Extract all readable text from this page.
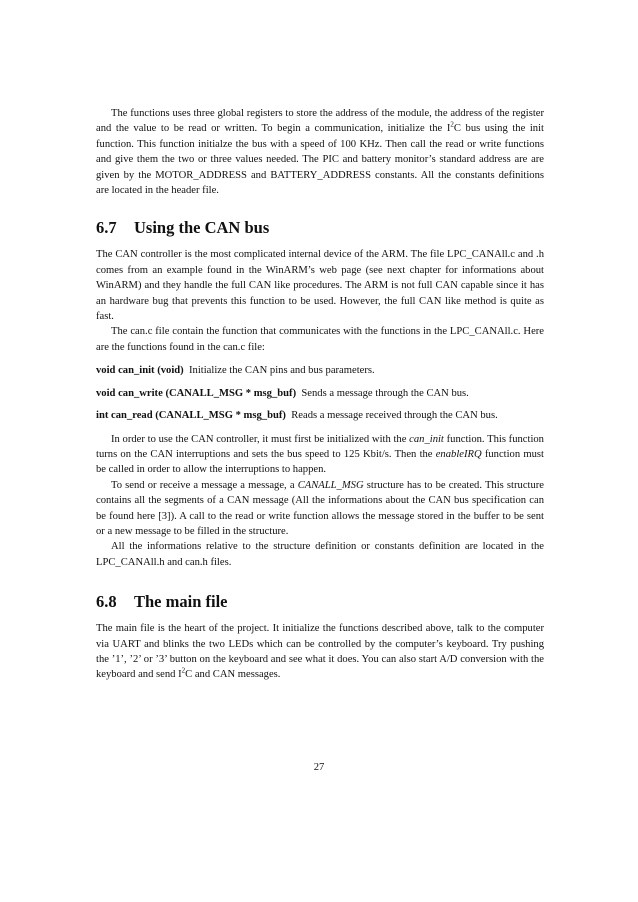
The functions uses three global registers to store the address of the module, the address of the register and the value to be read or written. To begin a communication, initialize the $I^2C$ bus using the init function. This function initialze the bus with a speed of 100 KHz. Then call the read or write functions and give them the two or three values needed. The PIC and battery monitor’s standard address are are given by the MOTOR_ADDRESS and BATTERY_ADDRESS constants. All the constants definitions are located in the header file.

6.7 Using the CAN bus

The CAN controller is the most complicated internal device of the ARM. The file LPC_CANAll.c and .h comes from an example found in the WinARM’s web page (see next chapter for informations about WinARM) and they handle the full CAN like procedures. The ARM is not full CAN capable since it has an hardware bug that prevents this function to be used. However, the full CAN like method is quite as fast.

The can.c file contain the function that communicates with the functions in the LPC_CANAll.c. Here are the functions found in the can.c file:

void can_init (void) Initialize the CAN pins and bus parameters.
void can_write (CANALL_MSG * msg_buf) Sends a message through the CAN bus.
int can_read (CANALL_MSG * msg_buf) Reads a message received through the CAN bus.

In order to use the CAN controller, it must first be initialized with the can_init function. This function turns on the CAN interruptions and sets the bus speed to 125 Kbit/s. Then the enableIRQ function must be called in order to allow the interruptions to happen.

To send or receive a message a message, a CANALL_MSG structure has to be created. This structure contains all the segments of a CAN message (All the informations about the CAN bus specification can be found here [3]). A call to the read or write function allows the message stored in the buffer to be sent or a new message to be filled in the structure.

All the informations relative to the structure definition or constants definition are located in the LPC_CANAll.h and can.h files.

6.8 The main file

The main file is the heart of the project. It initialize the functions described above, talk to the computer via UART and blinks the two LEDs which can be controlled by the computer’s keyboard. Try pushing the ’1’, ’2’ or ’3’ button on the keyboard and see what it does. You can also start A/D conversion with the keyboard and send $I^2C$ and CAN messages.

27
